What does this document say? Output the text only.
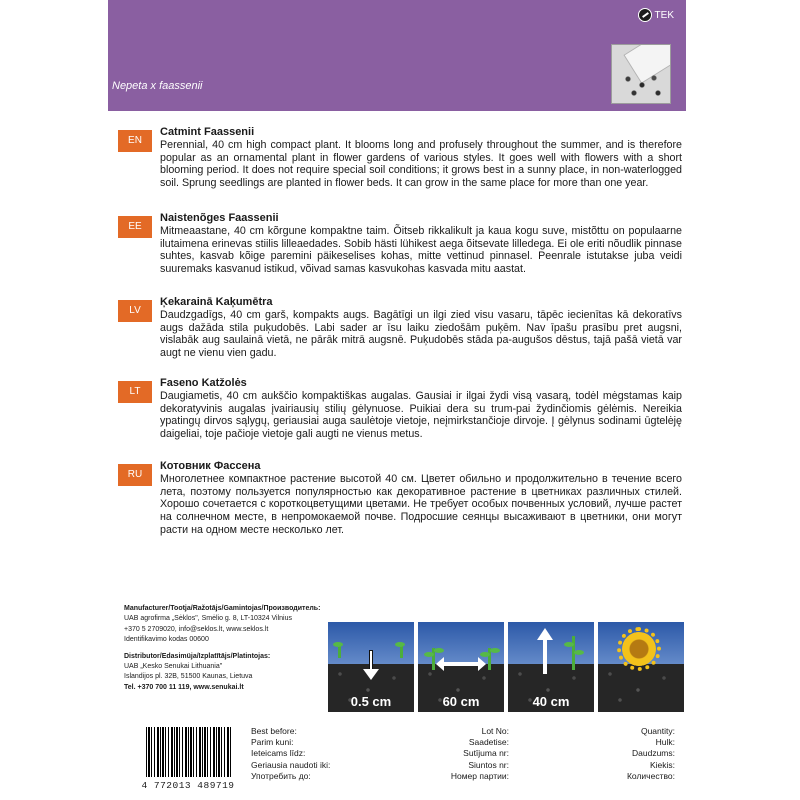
TEK
Nepeta x faassenii
EN
Catmint Faassenii
Perennial, 40 cm high compact plant. It blooms long and profusely throughout the summer, and is therefore popular as an ornamental plant in flower gardens of various styles. It goes well with flowers with a short blooming period. It does not require special soil conditions; it grows best in a sunny place, in non-waterlogged soil. Sprung seedlings are planted in flower beds. It can grow in the same place for more than one year.
EE
Naistenõges Faassenii
Mitmeaastane, 40 cm kõrgune kompaktne taim. Õitseb rikkalikult ja kaua kogu suve, mistõttu on populaarne ilutaimena erinevas stiilis lilleaedades. Sobib hästi lühikest aega õitsevate lilledega. Ei ole eriti nõudlik pinnase suhtes, kasvab kõige paremini päikeselises kohas, mitte vettinud pinnasel. Peenrale istutakse juba veidi suuremaks kasvanud istikud, võivad samas kasvukohas kasvada mitu aastat.
LV
Ķekarainā Kaķumētra
Daudzgadīgs, 40 cm garš, kompakts augs. Bagātīgi un ilgi zied visu vasaru, tāpēc iecienītas kā dekoratīvs augs dažāda stila puķudobēs. Labi sader ar īsu laiku ziedošām puķēm. Nav īpašu prasību pret augsni, vislabāk aug saulainā vietā, ne pārāk mitrā augsnē. Puķudobēs stāda pa-augušos dēstus, tajā pašā vietā var augt ne vienu vien gadu.
LT
Faseno Katžolės
Daugiametis, 40 cm aukščio kompaktiškas augalas. Gausiai ir ilgai žydi visą vasarą, todėl mėgstamas kaip dekoratyvinis augalas įvairiausių stilių gėlynuose. Puikiai dera su trum-pai žydinčiomis gėlėmis. Nereikia ypatingų dirvos sąlygų, geriausiai auga saulėtoje vietoje, neįmirkstančioje dirvoje. Į gėlynus sodinami ūgtelėję daigeliai, toje pačioje vietoje gali augti ne vienus metus.
RU
Котовник Фассена
Многолетнее компактное растение высотой 40 см. Цветет обильно и продолжительно в течение всего лета, поэтому пользуется популярностью как декоративное растение в цветниках различных стилей. Хорошо сочетается с короткоцветущими цветами. Не требует особых почвенных условий, лучше растет на солнечном месте, в непромокаемой почве. Подросшие сеянцы высаживают в цветники, они могут расти на одном месте несколько лет.
Manufacturer/Tootja/Ražotājs/Gamintojas/Производитель:
UAB agrofirma „Sėklos", Smėlio g. 8, LT-10324 Vilnius
+370 5 2709020, info@seklos.lt, www.seklos.lt
Identifikavimo kodas 00600
Distributor/Edasimüja/Izplatītājs/Platintojas:
UAB „Kesko Senukai Lithuania"
Islandijos pl. 32B, 51500 Kaunas, Lietuva
Tel. +370 700 11 119, www.senukai.lt
0.5 cm	60 cm	40 cm
4 772013 489719
Best before:
Parim kuni:
Ieteicams līdz:
Geriausia naudoti iki:
Употребить до:
Lot No:
Saadetise:
Sutījuma nr:
Siuntos nr:
Номер партии:
Quantity:
Hulk:
Daudzums:
Kiekis:
Количество:
